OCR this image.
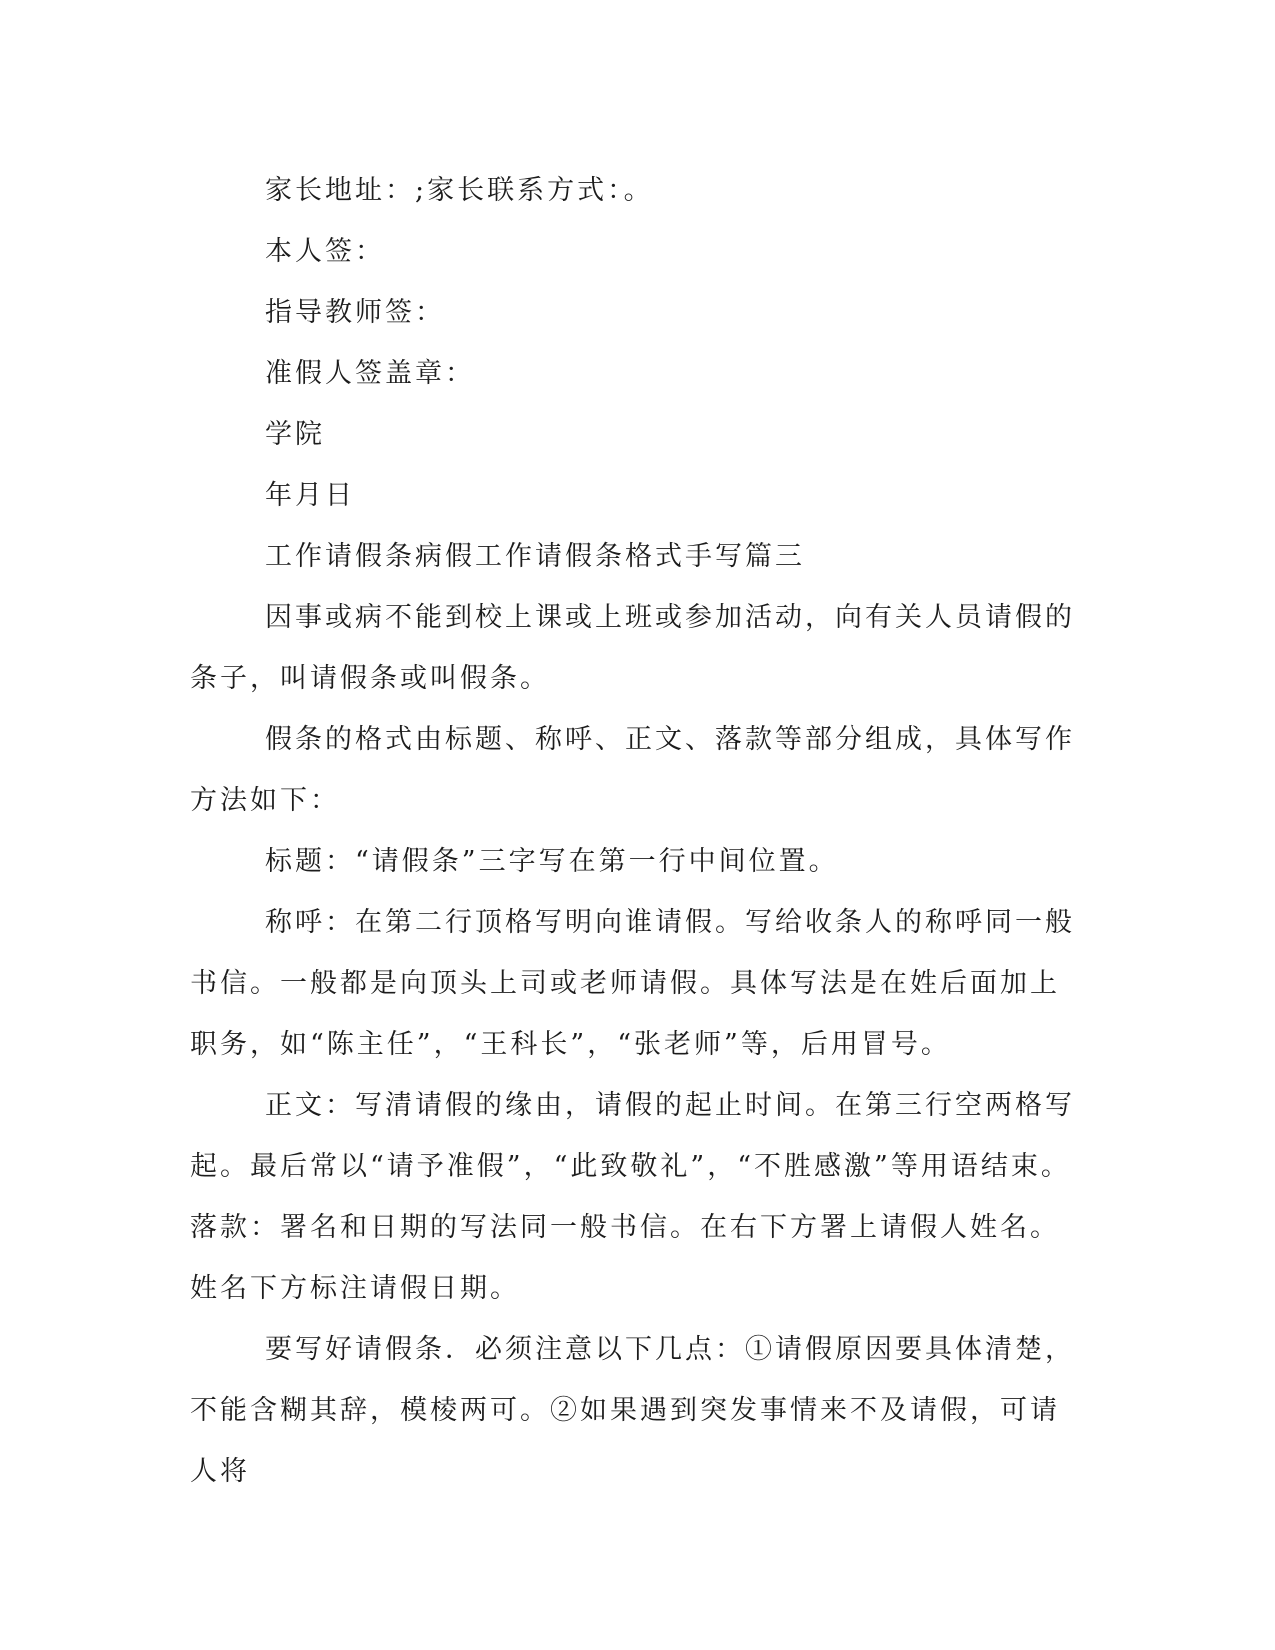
家长地址：;家长联系方式：。
本人签：
指导教师签：
准假人签盖章：
学院
年月日
工作请假条病假工作请假条格式手写篇三

因事或病不能到校上课或上班或参加活动，向有关人员请假的条子，叫请假条或叫假条。

假条的格式由标题、称呼、正文、落款等部分组成，具体写作方法如下：

标题：“请假条”三字写在第一行中间位置。

称呼：在第二行顶格写明向谁请假。写给收条人的称呼同一般书信。一般都是向顶头上司或老师请假。具体写法是在姓后面加上职务，如“陈主任”，“王科长”，“张老师”等，后用冒号。

正文：写清请假的缘由，请假的起止时间。在第三行空两格写起。最后常以“请予准假”，“此致敬礼”，“不胜感激”等用语结束。落款：署名和日期的写法同一般书信。在右下方署上请假人姓名。姓名下方标注请假日期。

要写好请假条．必须注意以下几点：①请假原因要具体清楚，不能含糊其辞，模棱两可。②如果遇到突发事情来不及请假，可请人将
